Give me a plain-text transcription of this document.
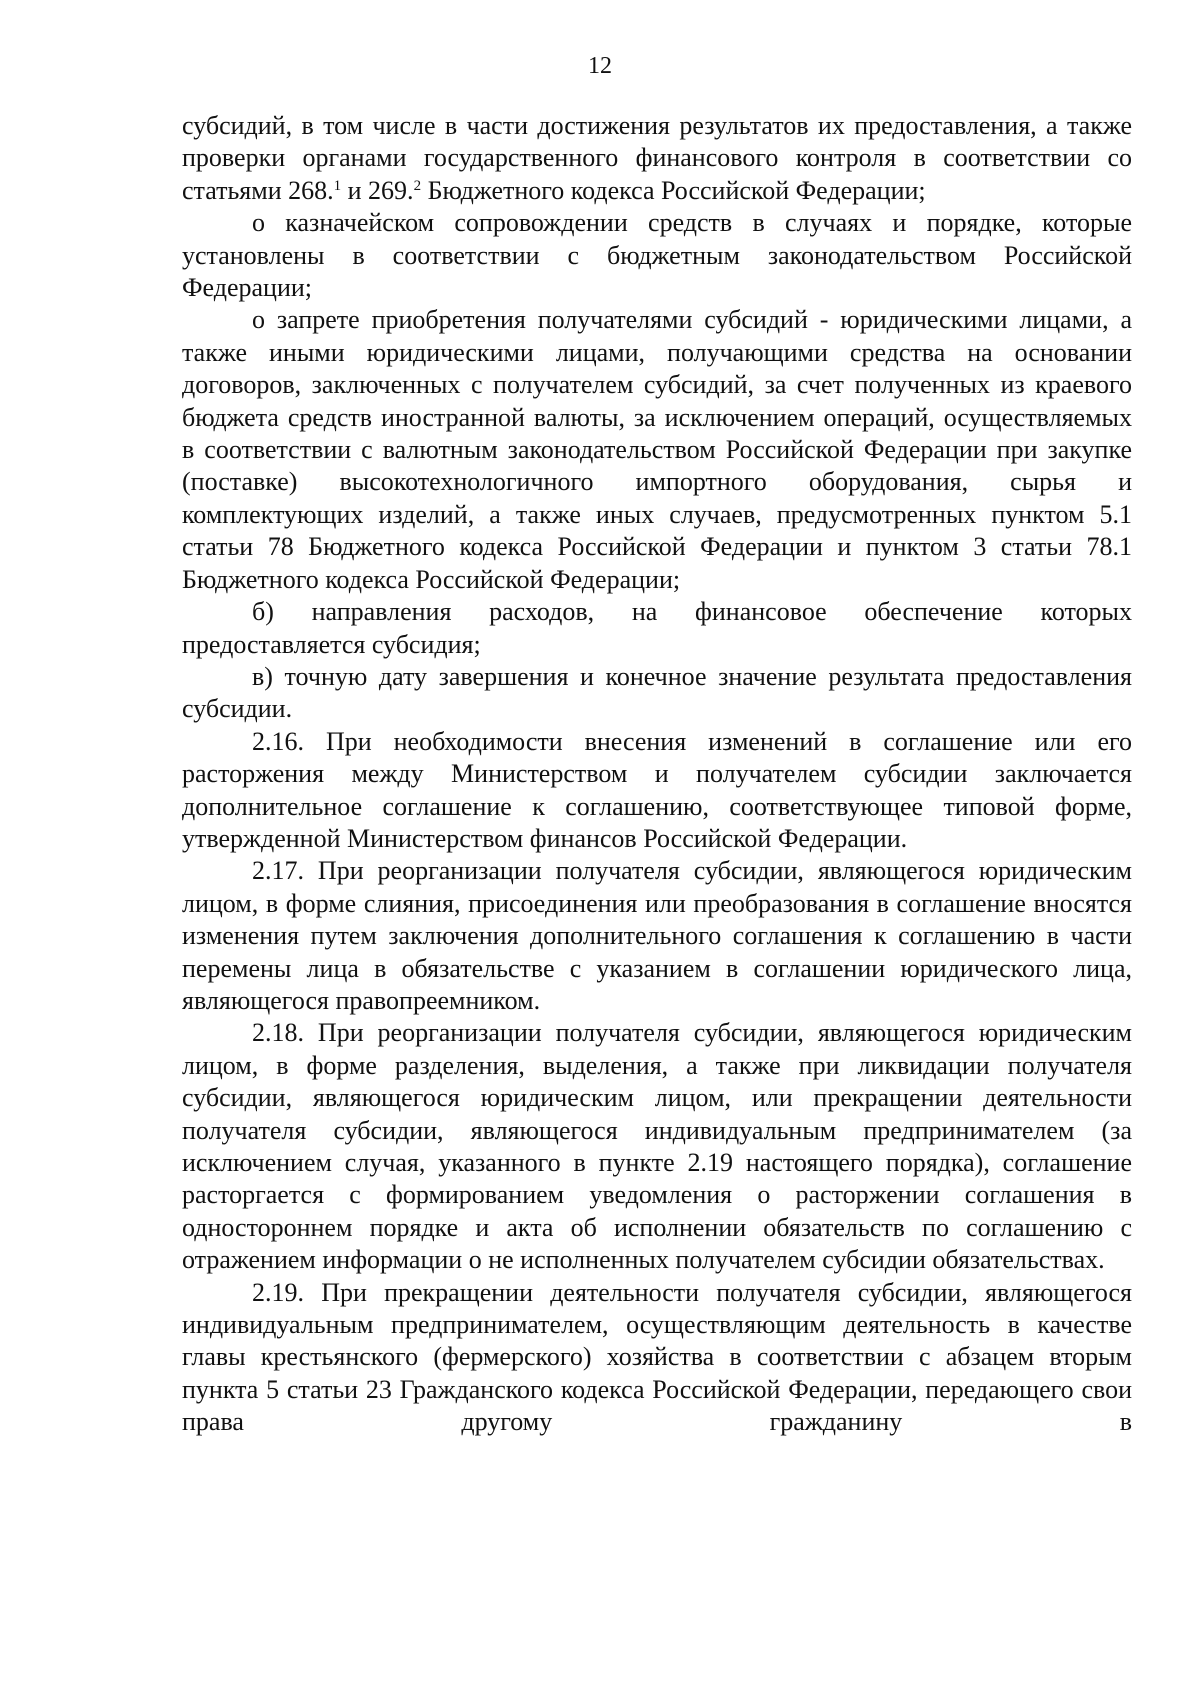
12

субсидий, в том числе в части достижения результатов их предоставления, а также проверки органами государственного финансового контроля в соответствии со статьями 268.$^1$ и 269.$^2$ Бюджетного кодекса Российской Федерации;

о казначейском сопровождении средств в случаях и порядке, которые установлены в соответствии с бюджетным законодательством Российской Федерации;

о запрете приобретения получателями субсидий - юридическими лицами, а также иными юридическими лицами, получающими средства на основании договоров, заключенных с получателем субсидий, за счет полученных из краевого бюджета средств иностранной валюты, за исключением операций, осуществляемых в соответствии с валютным законодательством Российской Федерации при закупке (поставке) высокотехнологичного импортного оборудования, сырья и комплектующих изделий, а также иных случаев, предусмотренных пунктом 5.1 статьи 78 Бюджетного кодекса Российской Федерации и пунктом 3 статьи 78.1 Бюджетного кодекса Российской Федерации;

б) направления расходов, на финансовое обеспечение которых предоставляется субсидия;

в) точную дату завершения и конечное значение результата предоставления субсидии.

2.16. При необходимости внесения изменений в соглашение или его расторжения между Министерством и получателем субсидии заключается дополнительное соглашение к соглашению, соответствующее типовой форме, утвержденной Министерством финансов Российской Федерации.

2.17. При реорганизации получателя субсидии, являющегося юридическим лицом, в форме слияния, присоединения или преобразования в соглашение вносятся изменения путем заключения дополнительного соглашения к соглашению в части перемены лица в обязательстве с указанием в соглашении юридического лица, являющегося правопреемником.

2.18. При реорганизации получателя субсидии, являющегося юридическим лицом, в форме разделения, выделения, а также при ликвидации получателя субсидии, являющегося юридическим лицом, или прекращении деятельности получателя субсидии, являющегося индивидуальным предпринимателем (за исключением случая, указанного в пункте 2.19 настоящего порядка), соглашение расторгается с формированием уведомления о расторжении соглашения в одностороннем порядке и акта об исполнении обязательств по соглашению с отражением информации о не исполненных получателем субсидии обязательствах.

2.19. При прекращении деятельности получателя субсидии, являющегося индивидуальным предпринимателем, осуществляющим деятельность в качестве главы крестьянского (фермерского) хозяйства в соответствии с абзацем вторым пункта 5 статьи 23 Гражданского кодекса Российской Федерации, передающего свои права другому гражданину в
